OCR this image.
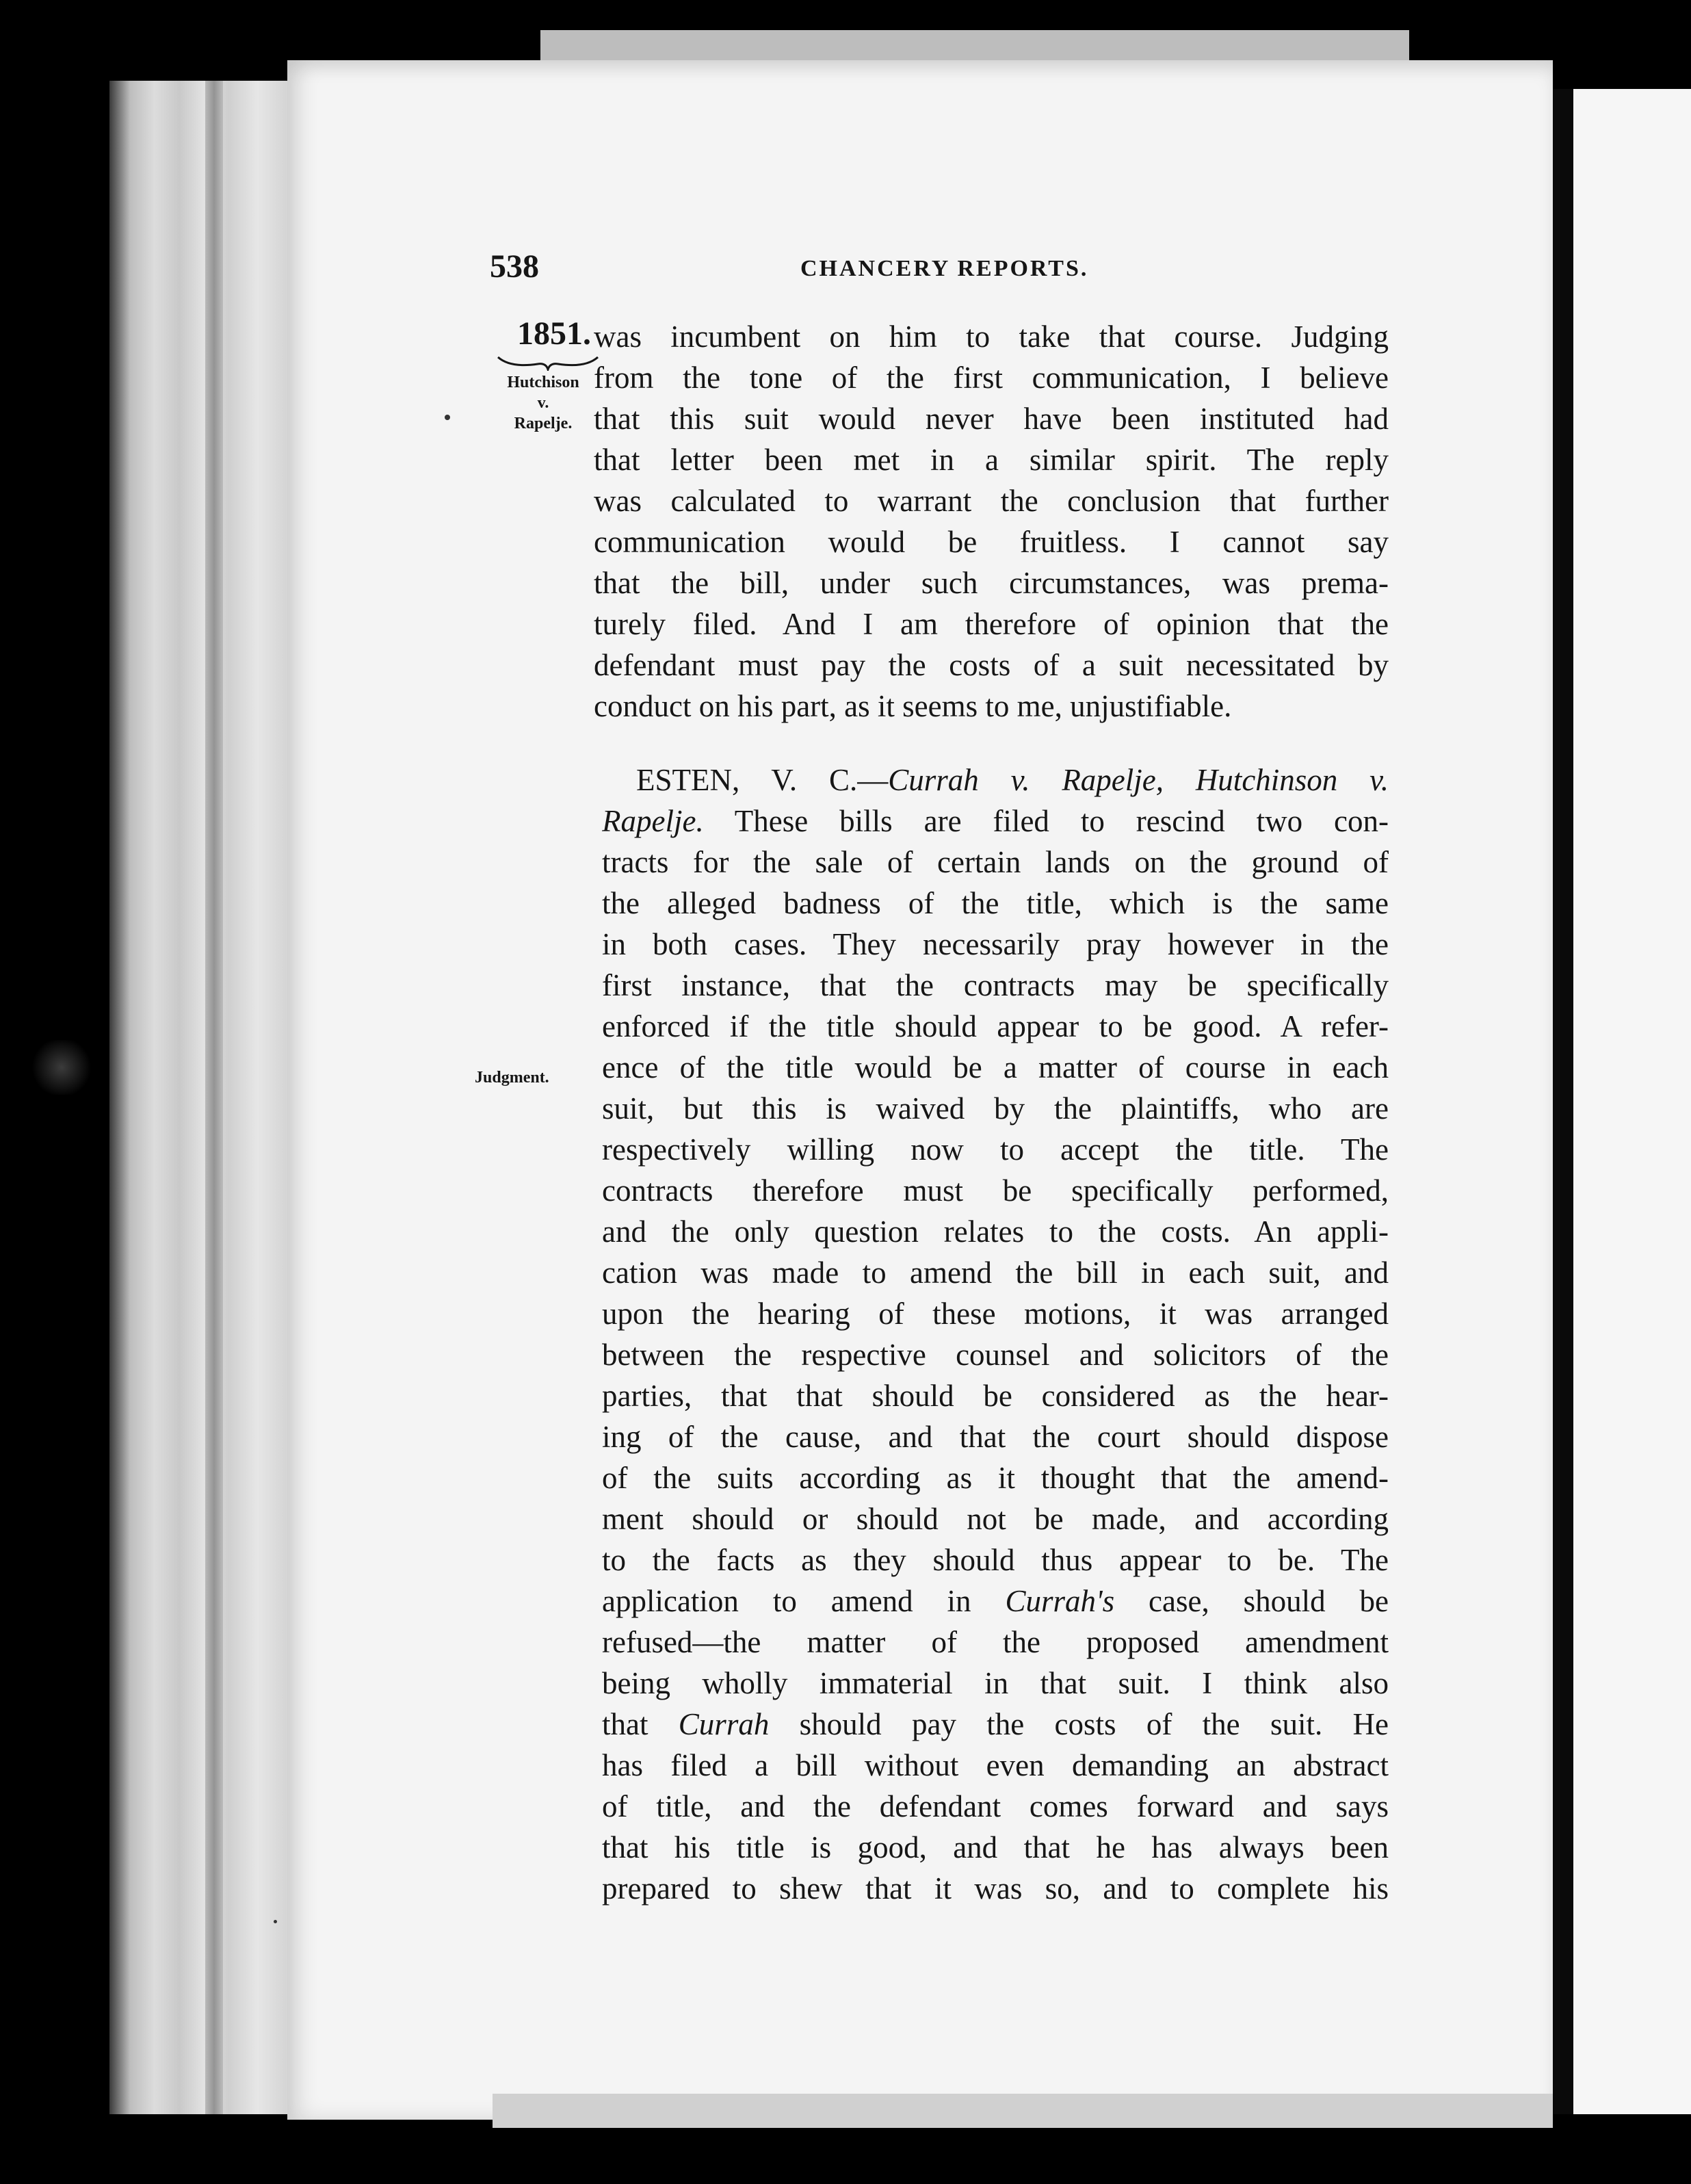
538	CHANCERY REPORTS.
1851.
Hutchison
v.
Rapelje.
Judgment.
was incumbent on him to take that course. Judging
from the tone of the first communication, I believe
that this suit would never have been instituted had
that letter been met in a similar spirit. The reply
was calculated to warrant the conclusion that further
communication would be fruitless. I cannot say
that the bill, under such circumstances, was prema-
turely filed. And I am therefore of opinion that the
defendant must pay the costs of a suit necessitated by
conduct on his part, as it seems to me, unjustifiable.
ESTEN, V. C.—Currah v. Rapelje, Hutchinson v.
Rapelje. These bills are filed to rescind two con-
tracts for the sale of certain lands on the ground of
the alleged badness of the title, which is the same
in both cases. They necessarily pray however in the
first instance, that the contracts may be specifically
enforced if the title should appear to be good. A refer-
ence of the title would be a matter of course in each
suit, but this is waived by the plaintiffs, who are
respectively willing now to accept the title. The
contracts therefore must be specifically performed,
and the only question relates to the costs. An appli-
cation was made to amend the bill in each suit, and
upon the hearing of these motions, it was arranged
between the respective counsel and solicitors of the
parties, that that should be considered as the hear-
ing of the cause, and that the court should dispose
of the suits according as it thought that the amend-
ment should or should not be made, and according
to the facts as they should thus appear to be. The
application to amend in Currah's case, should be
refused—the matter of the proposed amendment
being wholly immaterial in that suit. I think also
that Currah should pay the costs of the suit. He
has filed a bill without even demanding an abstract
of title, and the defendant comes forward and says
that his title is good, and that he has always been
prepared to shew that it was so, and to complete his
